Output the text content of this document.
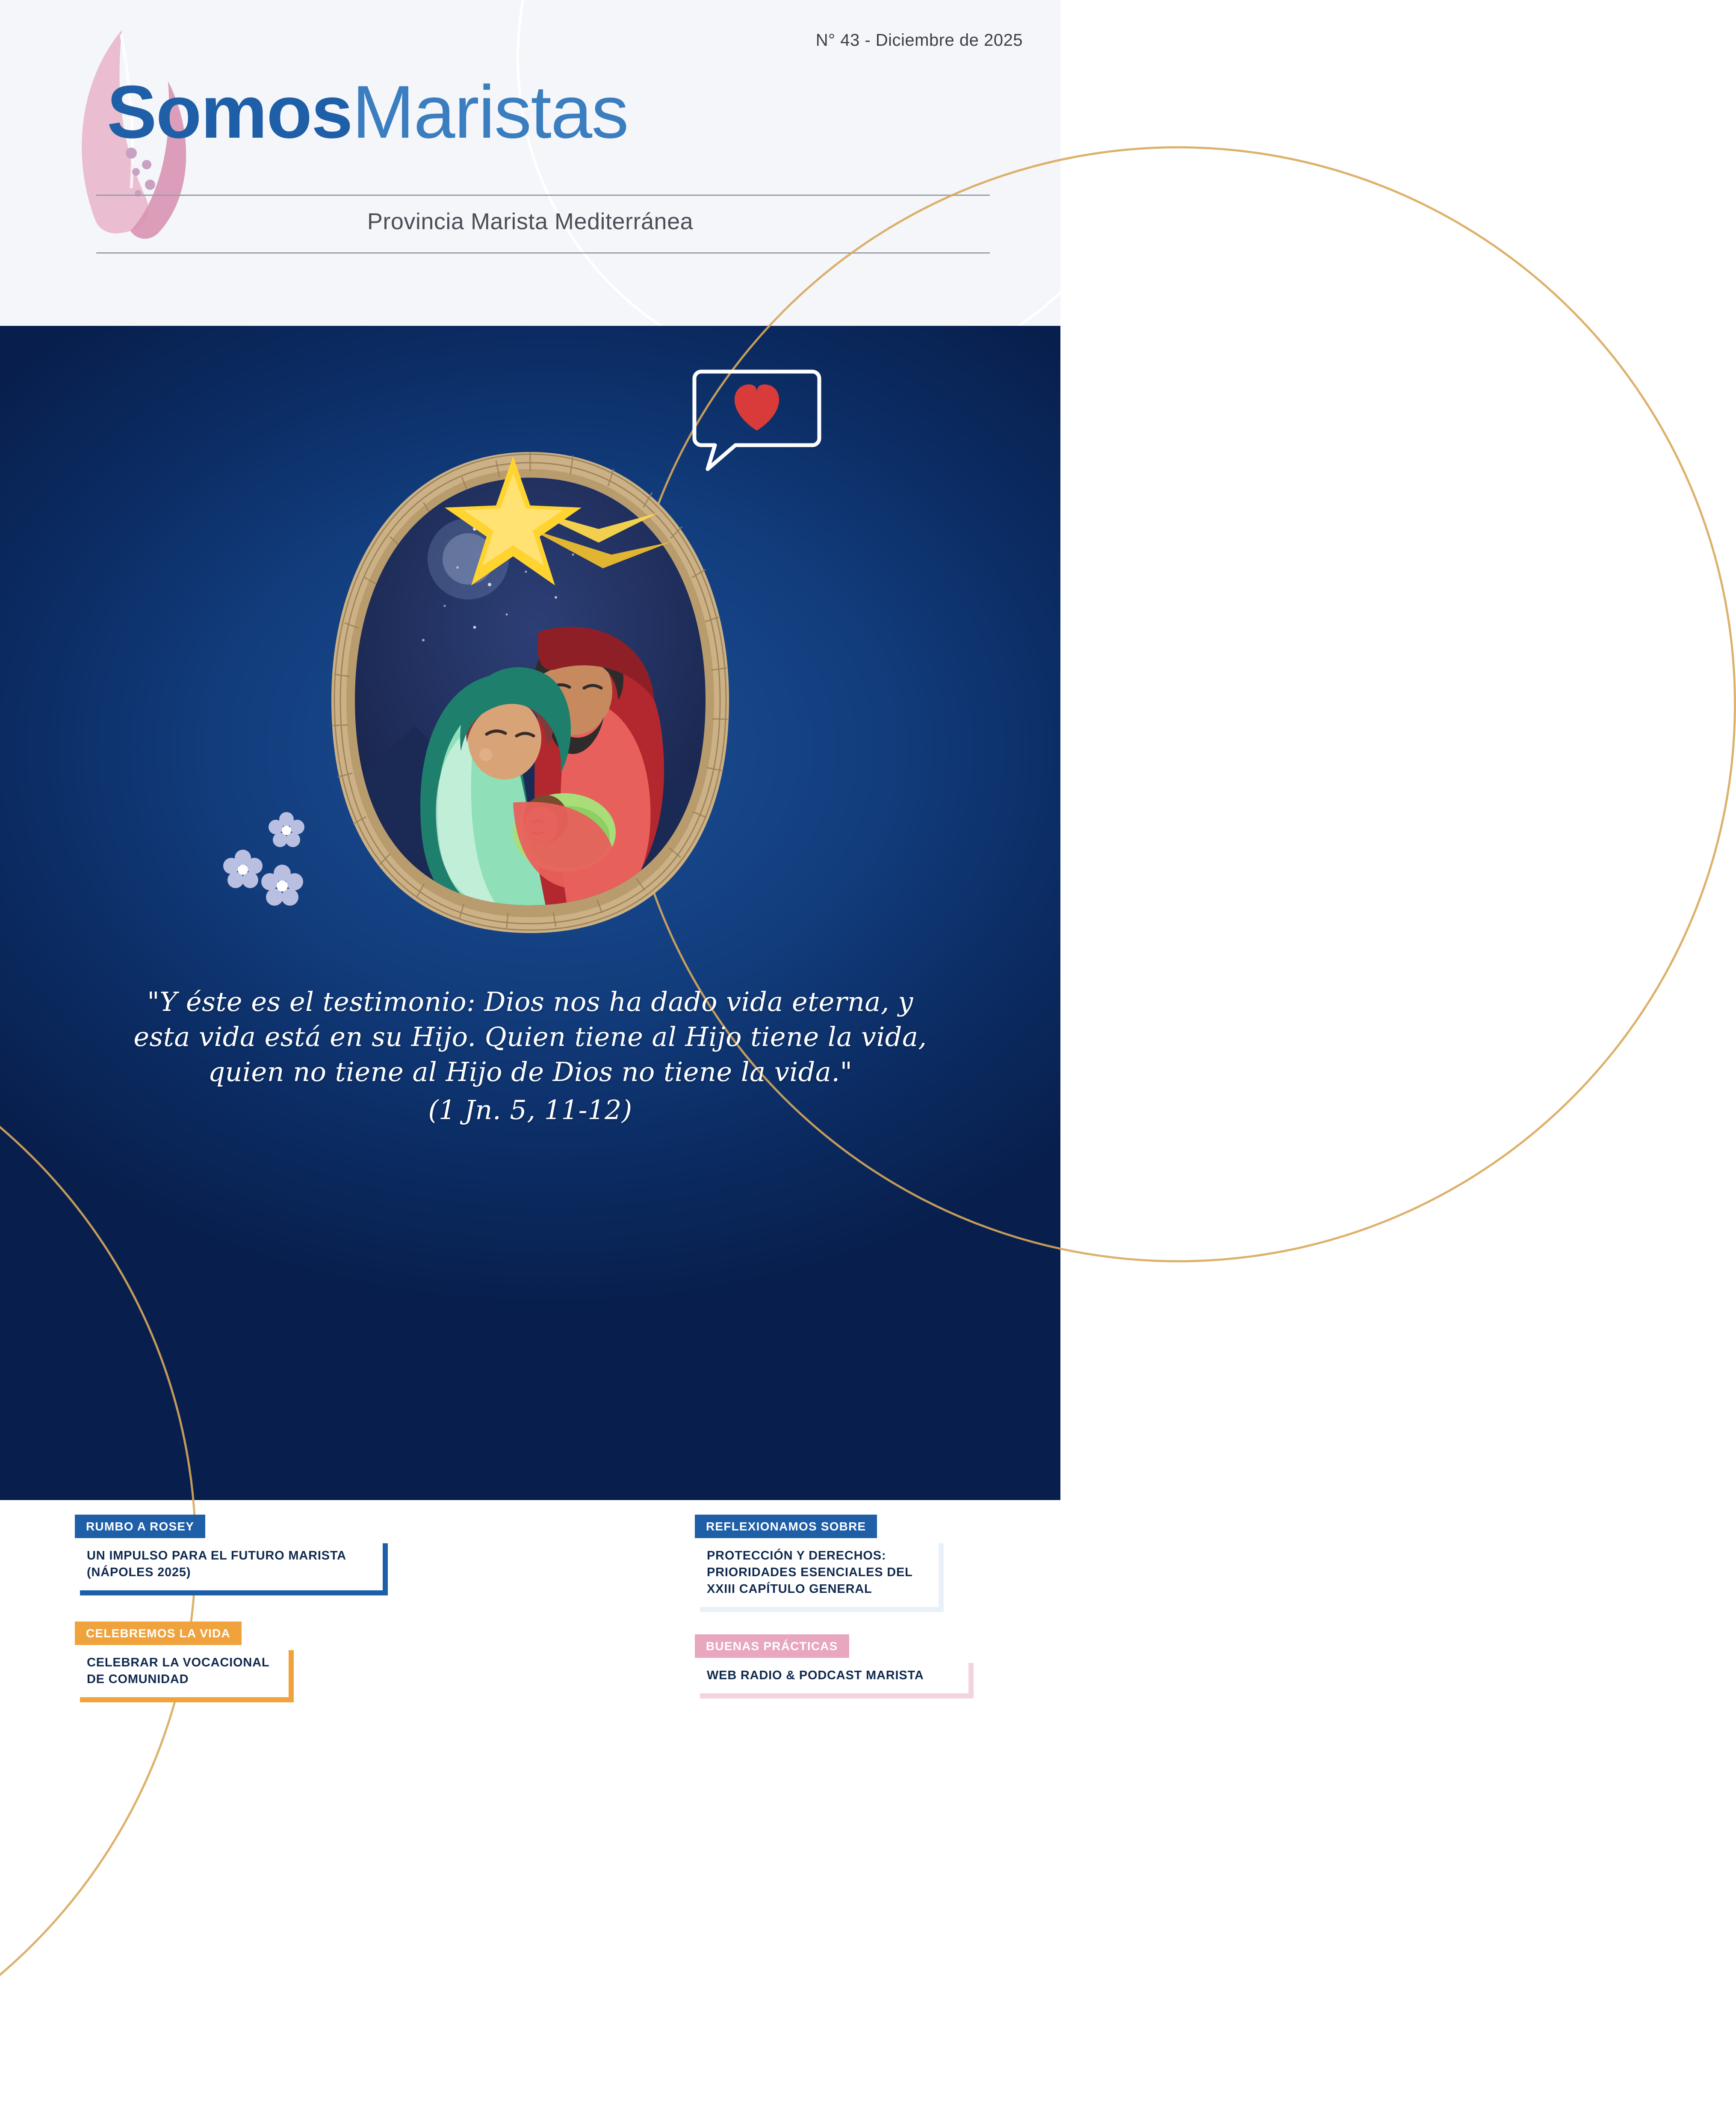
N° 43 - Diciembre de 2025
SomosMaristas
Provincia Marista Mediterránea
"Y éste es el testimonio: Dios nos ha dado vida eterna, y esta vida está en su Hijo. Quien tiene al Hijo tiene la vida, quien no tiene al Hijo de Dios no tiene la vida."
(1 Jn. 5, 11-12)
RUMBO A ROSEY
UN IMPULSO PARA EL FUTURO MARISTA (NÁPOLES 2025)
CELEBREMOS LA VIDA
CELEBRAR LA VOCACIONAL DE COMUNIDAD
REFLEXIONAMOS SOBRE
PROTECCIÓN Y DERECHOS: PRIORIDADES ESENCIALES DEL XXIII CAPÍTULO GENERAL
BUENAS PRÁCTICAS
WEB RADIO & PODCAST MARISTA
